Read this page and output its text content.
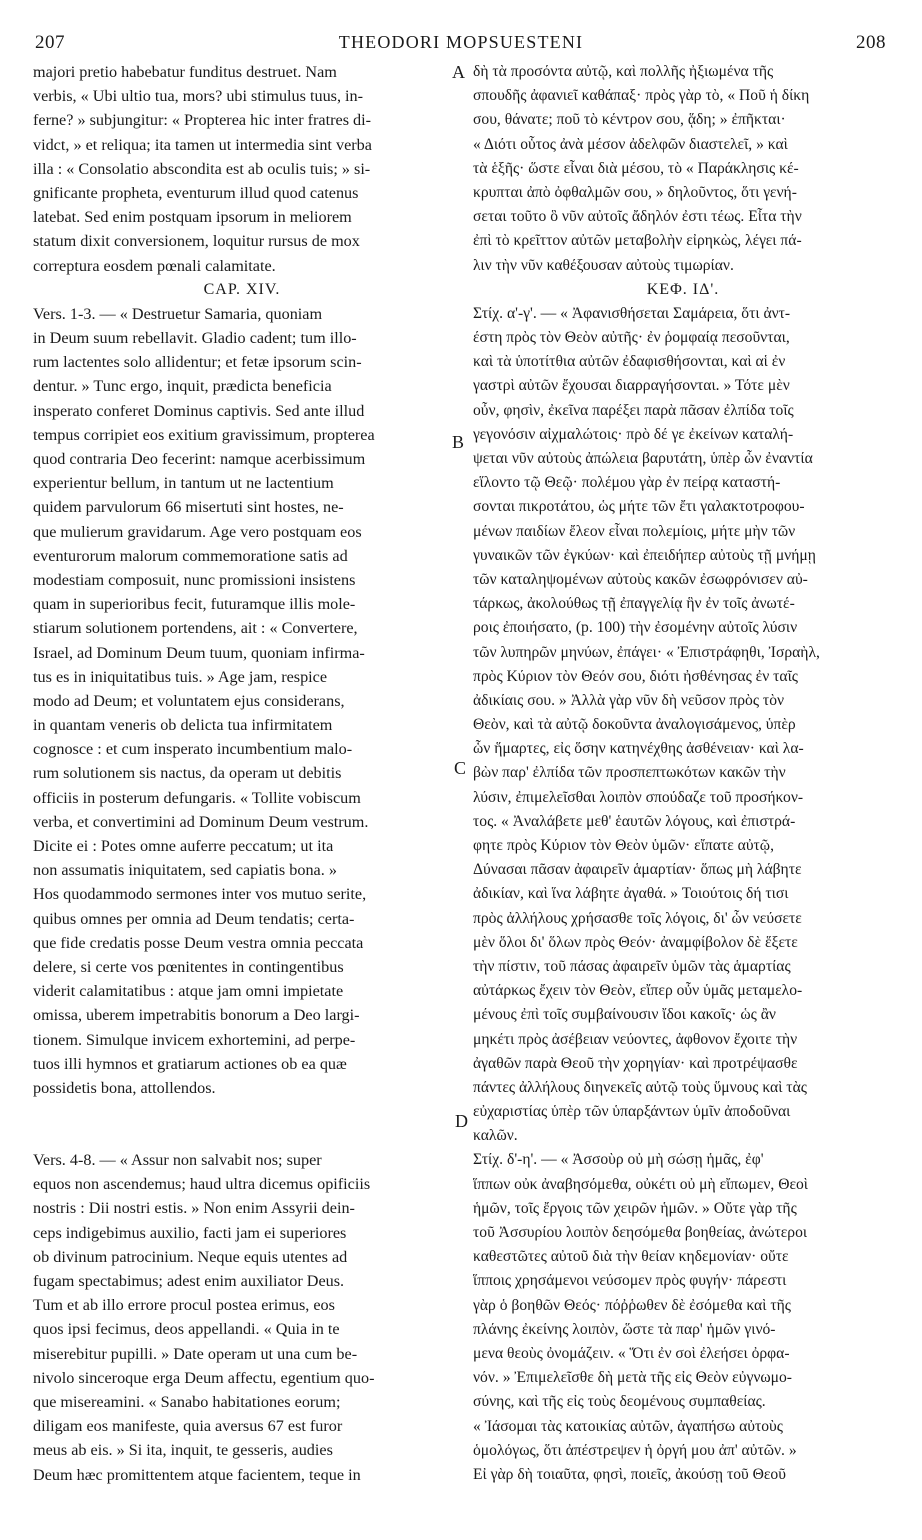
207	THEODORI MOPSUESTENI	208
A
B
C
D
majori pretio habebatur funditus destruet. Nam
verbis, « Ubi ultio tua, mors? ubi stimulus tuus, in-
ferne? » subjungitur: « Propterea hic inter fratres di-
vidct, » et reliqua; ita tamen ut intermedia sint verba
illa : « Consolatio abscondita est ab oculis tuis; » si-
gnificante propheta, eventurum illud quod catenus
latebat. Sed enim postquam ipsorum in meliorem
statum dixit conversionem, loquitur rursus de mox
correptura eosdem pœnali calamitate.
CAP. XIV.
Vers. 1-3. — « Destruetur Samaria, quoniam
in Deum suum rebellavit. Gladio cadent; tum illo-
rum lactentes solo allidentur; et fetæ ipsorum scin-
dentur. » Tunc ergo, inquit, prædicta beneficia
insperato conferet Dominus captivis. Sed ante illud
tempus corripiet eos exitium gravissimum, propterea
quod contraria Deo fecerint: namque acerbissimum
experientur bellum, in tantum ut ne lactentium
quidem parvulorum 66 misertuti sint hostes, ne-
que mulierum gravidarum. Age vero postquam eos
eventurorum malorum commemoratione satis ad
modestiam composuit, nunc promissioni insistens
quam in superioribus fecit, futuramque illis mole-
stiarum solutionem portendens, ait : « Convertere,
Israel, ad Dominum Deum tuum, quoniam infirma-
tus es in iniquitatibus tuis. » Age jam, respice
modo ad Deum; et voluntatem ejus considerans,
in quantam veneris ob delicta tua infirmitatem
cognosce : et cum insperato incumbentium malo-
rum solutionem sis nactus, da operam ut debitis
officiis in posterum defungaris. « Tollite vobiscum
verba, et convertimini ad Dominum Deum vestrum.
Dicite ei : Potes omne auferre peccatum; ut ita
non assumatis iniquitatem, sed capiatis bona. »
Hos quodammodo sermones inter vos mutuo serite,
quibus omnes per omnia ad Deum tendatis; certa-
que fide credatis posse Deum vestra omnia peccata
delere, si certe vos pœnitentes in contingentibus
viderit calamitatibus : atque jam omni impietate
omissa, uberem impetrabitis bonorum a Deo largi-
tionem. Simulque invicem exhortemini, ad perpe-
tuos illi hymnos et gratiarum actiones ob ea quæ
possidetis bona, attollendos.
Vers. 4-8. — « Assur non salvabit nos; super
equos non ascendemus; haud ultra dicemus opificiis
nostris : Dii nostri estis. » Non enim Assyrii dein-
ceps indigebimus auxilio, facti jam ei superiores
ob divinum patrocinium. Neque equis utentes ad
fugam spectabimus; adest enim auxiliator Deus.
Tum et ab illo errore procul postea erimus, eos
quos ipsi fecimus, deos appellandi. « Quia in te
miserebitur pupilli. » Date operam ut una cum be-
nivolo sinceroque erga Deum affectu, egentium quo-
que misereamini. « Sanabo habitationes eorum;
diligam eos manifeste, quia aversus 67 est furor
meus ab eis. » Si ita, inquit, te gesseris, audies
Deum hæc promittentem atque facientem, teque in
δὴ τὰ προσόντα αὐτῷ, καὶ πολλῆς ἠξιωμένα τῆς
σπουδῆς ἀφανιεῖ καθάπαξ· πρὸς γὰρ τὸ, « Ποῦ ἡ δίκη
σου, θάνατε; ποῦ τὸ κέντρον σου, ᾅδη; » ἐπῆκται·
« Διότι οὗτος ἀνὰ μέσον ἀδελφῶν διαστελεῖ, » καὶ
τὰ ἑξῆς· ὥστε εἶναι διὰ μέσου, τὸ « Παράκλησις κέ-
κρυπται ἀπὸ ὀφθαλμῶν σου, » δηλοῦντος, ὅτι γενή-
σεται τοῦτο ὃ νῦν αὐτοῖς ἄδηλόν ἐστι τέως. Εἶτα τὴν
ἐπὶ τὸ κρεῖττον αὐτῶν μεταβολὴν εἰρηκὼς, λέγει πά-
λιν τὴν νῦν καθέξουσαν αὐτοὺς τιμωρίαν.
ΚΕΦ. ΙΔ'.
Στίχ. α'-γ'. — « Ἀφανισθήσεται Σαμάρεια, ὅτι ἀντ-
έστη πρὸς τὸν Θεὸν αὐτῆς· ἐν ῥομφαίᾳ πεσοῦνται,
καὶ τὰ ὑποτίτθια αὐτῶν ἐδαφισθήσονται, καὶ αἱ ἐν
γαστρὶ αὐτῶν ἔχουσαι διαρραγήσονται. » Τότε μὲν
οὖν, φησὶν, ἐκεῖνα παρέξει παρὰ πᾶσαν ἐλπίδα τοῖς
γεγονόσιν αἰχμαλώτοις· πρὸ δέ γε ἐκείνων καταλή-
ψεται νῦν αὐτοὺς ἀπώλεια βαρυτάτη, ὑπὲρ ὧν ἐναντία
εἵλοντο τῷ Θεῷ· πολέμου γὰρ ἐν πείρᾳ καταστή-
σονται πικροτάτου, ὡς μήτε τῶν ἔτι γαλακτοτροφου-
μένων παιδίων ἔλεον εἶναι πολεμίοις, μήτε μὴν τῶν
γυναικῶν τῶν ἐγκύων· καὶ ἐπειδήπερ αὐτοὺς τῇ μνήμῃ
τῶν καταληψομένων αὐτοὺς κακῶν ἐσωφρόνισεν αὐ-
τάρκως, ἀκολούθως τῇ ἐπαγγελίᾳ ἣν ἐν τοῖς ἀνωτέ-
ροις ἐποιήσατο, (p. 100) τὴν ἐσομένην αὐτοῖς λύσιν
τῶν λυπηρῶν μηνύων, ἐπάγει· « Ἐπιστράφηθι, Ἰσραὴλ,
πρὸς Κύριον τὸν Θεόν σου, διότι ἠσθένησας ἐν ταῖς
ἀδικίαις σου. » Ἀλλὰ γὰρ νῦν δὴ νεῦσον πρὸς τὸν
Θεὸν, καὶ τὰ αὐτῷ δοκοῦντα ἀναλογισάμενος, ὑπὲρ
ὧν ἥμαρτες, εἰς ὅσην κατηνέχθης ἀσθένειαν· καὶ λα-
βὼν παρ' ἐλπίδα τῶν προσπεπτωκότων κακῶν τὴν
λύσιν, ἐπιμελεῖσθαι λοιπὸν σπούδαζε τοῦ προσήκον-
τος. « Ἀναλάβετε μεθ' ἑαυτῶν λόγους, καὶ ἐπιστρά-
φητε πρὸς Κύριον τὸν Θεὸν ὑμῶν· εἴπατε αὐτῷ,
Δύνασαι πᾶσαν ἀφαιρεῖν ἁμαρτίαν· ὅπως μὴ λάβητε
ἀδικίαν, καὶ ἵνα λάβητε ἀγαθά. » Τοιούτοις δή τισι
πρὸς ἀλλήλους χρήσασθε τοῖς λόγοις, δι' ὧν νεύσετε
μὲν ὅλοι δι' ὅλων πρὸς Θεόν· ἀναμφίβολον δὲ ἕξετε
τὴν πίστιν, τοῦ πάσας ἀφαιρεῖν ὑμῶν τὰς ἁμαρτίας
αὐτάρκως ἔχειν τὸν Θεὸν, εἴπερ οὖν ὑμᾶς μεταμελο-
μένους ἐπὶ τοῖς συμβαίνουσιν ἴδοι κακοῖς· ὡς ἂν
μηκέτι πρὸς ἀσέβειαν νεύοντες, ἀφθονον ἔχοιτε τὴν
ἀγαθῶν παρὰ Θεοῦ τὴν χορηγίαν· καὶ προτρέψασθε
πάντες ἀλλήλους διηνεκεῖς αὐτῷ τοὺς ὕμνους καὶ τὰς
εὐχαριστίας ὑπὲρ τῶν ὑπαρξάντων ὑμῖν ἀποδοῦναι
καλῶν.
Στίχ. δ'-η'. — « Ἀσσοὺρ οὐ μὴ σώσῃ ἡμᾶς, ἐφ'
ἵππων οὐκ ἀναβησόμεθα, οὐκέτι οὐ μὴ εἴπωμεν, Θεοὶ
ἡμῶν, τοῖς ἔργοις τῶν χειρῶν ἡμῶν. » Οὔτε γὰρ τῆς
τοῦ Ἀσσυρίου λοιπὸν δεησόμεθα βοηθείας, ἀνώτεροι
καθεστῶτες αὐτοῦ διὰ τὴν θείαν κηδεμονίαν· οὔτε
ἵπποις χρησάμενοι νεύσομεν πρὸς φυγήν· πάρεστι
γὰρ ὁ βοηθῶν Θεός· πόῤῥωθεν δὲ ἐσόμεθα καὶ τῆς
πλάνης ἐκείνης λοιπὸν, ὥστε τὰ παρ' ἡμῶν γινό-
μενα θεοὺς ὀνομάζειν. « Ὅτι ἐν σοὶ ἐλεήσει ὀρφα-
νόν. » Ἐπιμελεῖσθε δὴ μετὰ τῆς εἰς Θεὸν εὐγνωμο-
σύνης, καὶ τῆς εἰς τοὺς δεομένους συμπαθείας.
« Ἰάσομαι τὰς κατοικίας αὐτῶν, ἀγαπήσω αὐτοὺς
ὁμολόγως, ὅτι ἀπέστρεψεν ἡ ὀργή μου ἀπ' αὐτῶν. »
Εἰ γὰρ δὴ τοιαῦτα, φησὶ, ποιεῖς, ἀκούσῃ τοῦ Θεοῦ
